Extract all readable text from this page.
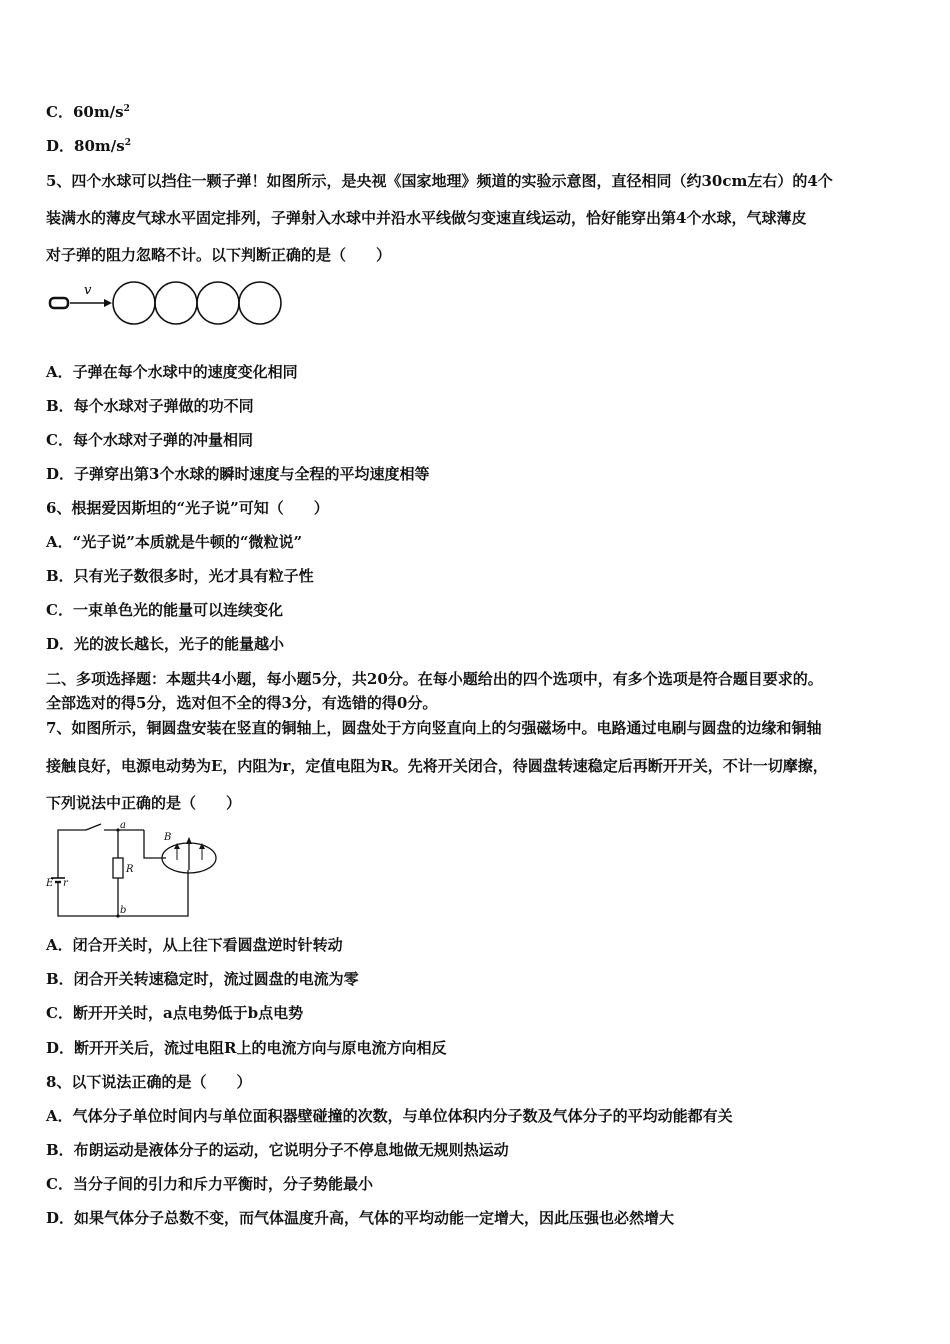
C．$60m/s^2$
D．$80m/s^2$
5、四个水球可以挡住一颗子弹！如图所示，是央视《国家地理》频道的实验示意图，直径相同（约30cm左右）的4个
装满水的薄皮气球水平固定排列，子弹射入水球中并沿水平线做匀变速直线运动，恰好能穿出第4个水球，气球薄皮
对子弹的阻力忽略不计。以下判断正确的是（　　）
v
A．子弹在每个水球中的速度变化相同
B．每个水球对子弹做的功不同
C．每个水球对子弹的冲量相同
D．子弹穿出第3个水球的瞬时速度与全程的平均速度相等
6、根据爱因斯坦的“光子说”可知（　　）
A．“光子说”本质就是牛顿的“微粒说”
B．只有光子数很多时，光才具有粒子性
C．一束单色光的能量可以连续变化
D．光的波长越长，光子的能量越小
二、多项选择题：本题共4小题，每小题5分，共20分。在每小题给出的四个选项中，有多个选项是符合题目要求的。
全部选对的得5分，选对但不全的得3分，有选错的得0分。
7、如图所示，铜圆盘安装在竖直的铜轴上，圆盘处于方向竖直向上的匀强磁场中。电路通过电刷与圆盘的边缘和铜轴
接触良好，电源电动势为E，内阻为r，定值电阻为R。先将开关闭合，待圆盘转速稳定后再断开开关，不计一切摩擦，
下列说法中正确的是（　　）
a
b
R
E r
B
A．闭合开关时，从上往下看圆盘逆时针转动
B．闭合开关转速稳定时，流过圆盘的电流为零
C．断开开关时，a点电势低于b点电势
D．断开开关后，流过电阻R上的电流方向与原电流方向相反
8、以下说法正确的是（　　）
A．气体分子单位时间内与单位面积器壁碰撞的次数，与单位体积内分子数及气体分子的平均动能都有关
B．布朗运动是液体分子的运动，它说明分子不停息地做无规则热运动
C．当分子间的引力和斥力平衡时，分子势能最小
D．如果气体分子总数不变，而气体温度升高，气体的平均动能一定增大，因此压强也必然增大
